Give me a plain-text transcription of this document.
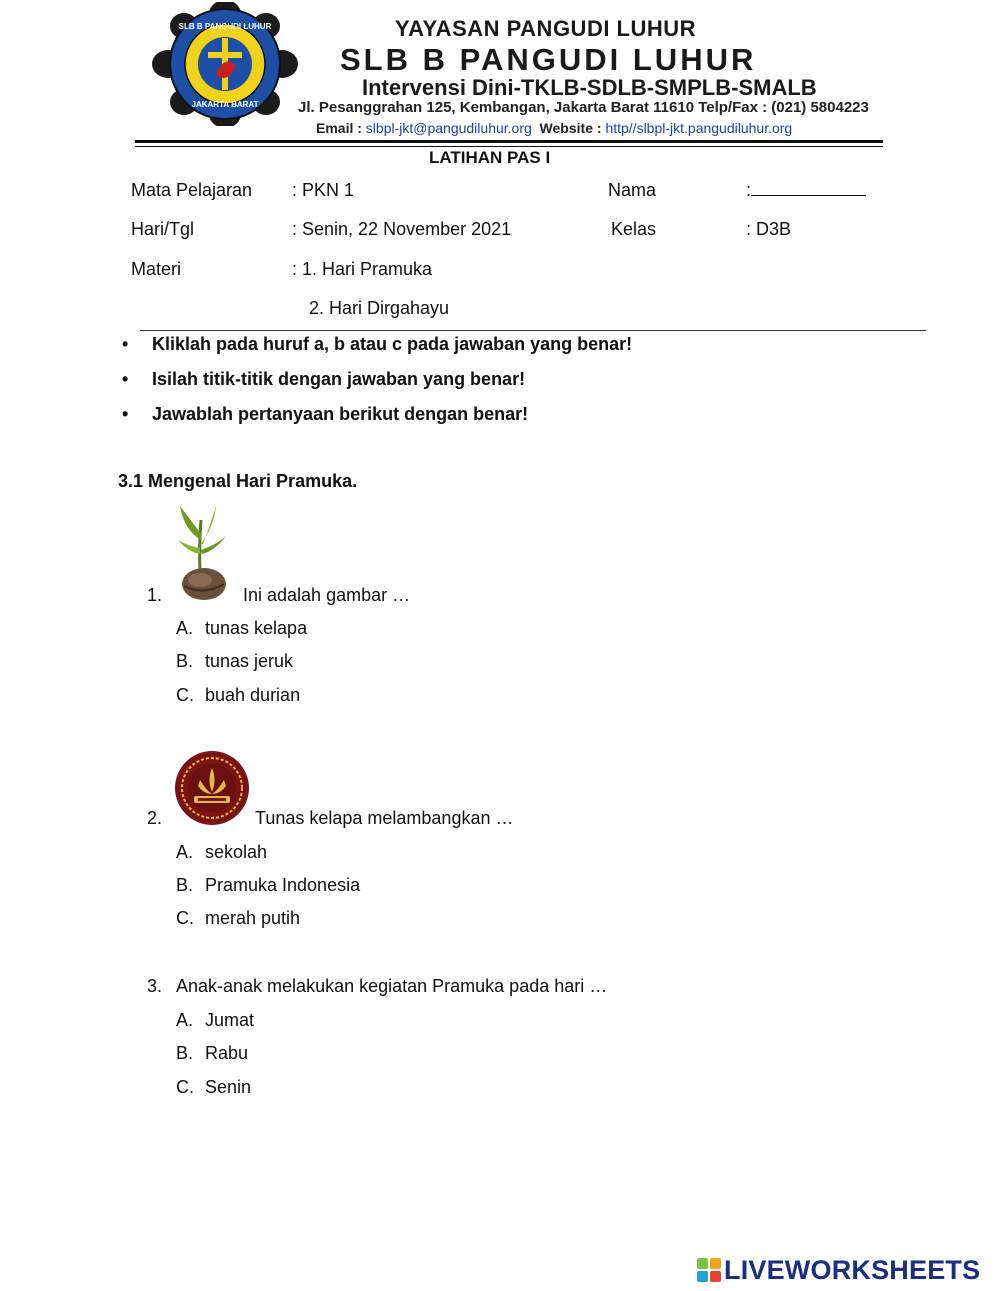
SLB B PANGUDI LUHUR
JAKARTA BARAT
YAYASAN PANGUDI LUHUR
SLB B PANGUDI LUHUR
Intervensi Dini-TKLB-SDLB-SMPLB-SMALB
Jl. Pesanggrahan 125, Kembangan, Jakarta Barat 11610 Telp/Fax : (021) 5804223
Email : slbpl-jkt@pangudiluhur.org  Website : http//slbpl-jkt.pangudiluhur.org
LATIHAN PAS I
Mata Pelajaran : PKN 1	Nama	:
Hari/Tgl	: Senin, 22 November 2021	Kelas	: D3B
Materi	: 1. Hari Pramuka
2. Hari Dirgahayu
• Kliklah pada huruf a, b atau c pada jawaban yang benar!
• Isilah titik-titik dengan jawaban yang benar!
• Jawablah pertanyaan berikut dengan benar!
3.1 Mengenal Hari Pramuka.
1.	Ini adalah gambar …
A. tunas kelapa
B. tunas jeruk
C. buah durian
2.	Tunas kelapa melambangkan …
A. sekolah
B. Pramuka Indonesia
C. merah putih
3. Anak-anak melakukan kegiatan Pramuka pada hari …
A. Jumat
B. Rabu
C. Senin
LIVEWORKSHEETS
